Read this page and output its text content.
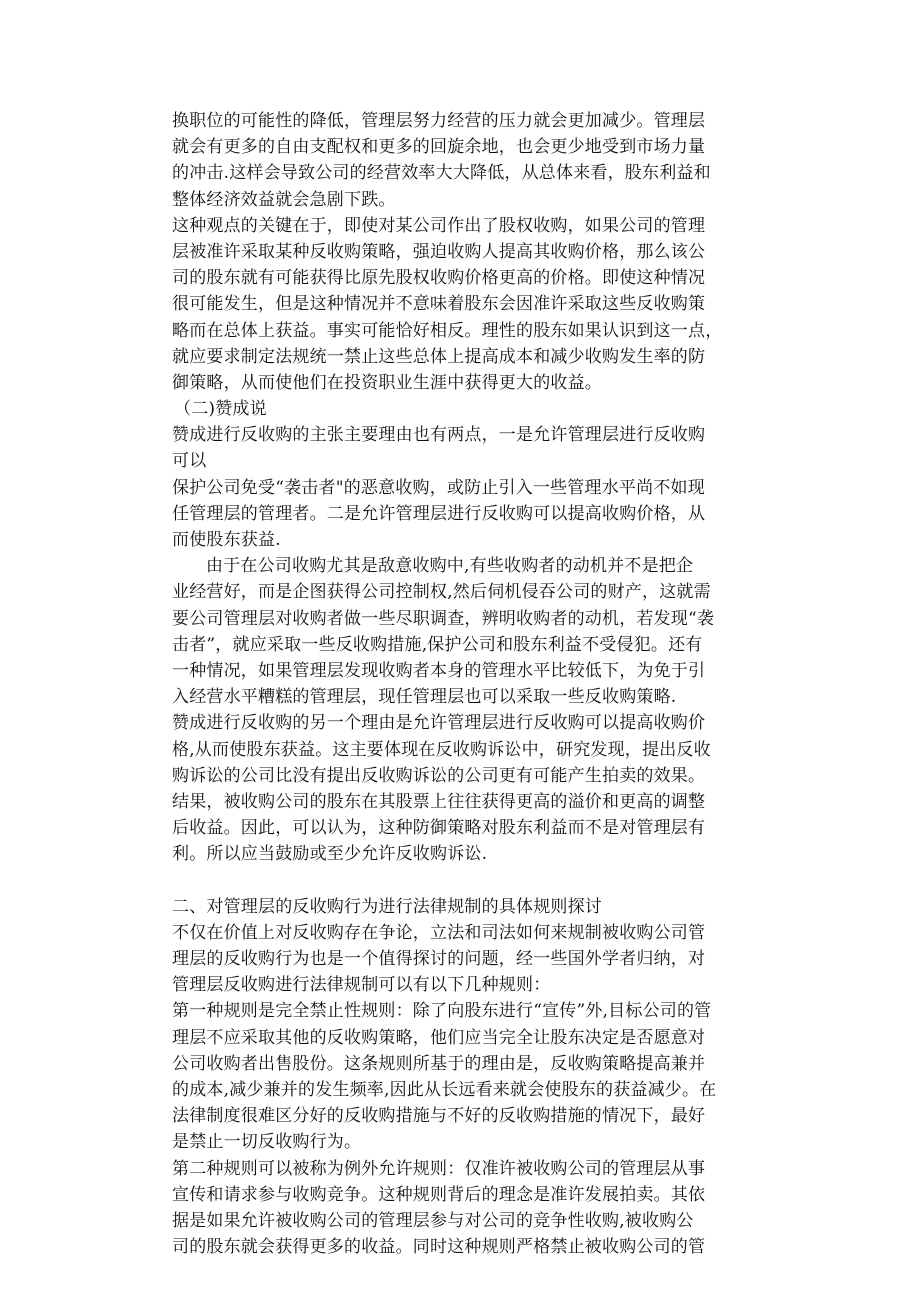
换职位的可能性的降低，管理层努力经营的压力就会更加减少。管理层
就会有更多的自由支配权和更多的回旋余地，也会更少地受到市场力量
的冲击.这样会导致公司的经营效率大大降低，从总体来看，股东利益和
整体经济效益就会急剧下跌。
这种观点的关键在于，即使对某公司作出了股权收购，如果公司的管理
层被准许采取某种反收购策略，强迫收购人提高其收购价格，那么该公
司的股东就有可能获得比原先股权收购价格更高的价格。即使这种情况
很可能发生，但是这种情况并不意味着股东会因准许采取这些反收购策
略而在总体上获益。事实可能恰好相反。理性的股东如果认识到这一点，
就应要求制定法规统一禁止这些总体上提高成本和减少收购发生率的防
御策略，从而使他们在投资职业生涯中获得更大的收益。
（二)赞成说
赞成进行反收购的主张主要理由也有两点，一是允许管理层进行反收购
可以
保护公司免受“袭击者"的恶意收购，或防止引入一些管理水平尚不如现
任管理层的管理者。二是允许管理层进行反收购可以提高收购价格，从
而使股东获益.
由于在公司收购尤其是敌意收购中,有些收购者的动机并不是把企
业经营好，而是企图获得公司控制权,然后伺机侵吞公司的财产，这就需
要公司管理层对收购者做一些尽职调查，辨明收购者的动机，若发现“袭
击者”，就应采取一些反收购措施,保护公司和股东利益不受侵犯。还有
一种情况，如果管理层发现收购者本身的管理水平比较低下，为免于引
入经营水平糟糕的管理层，现任管理层也可以采取一些反收购策略.
赞成进行反收购的另一个理由是允许管理层进行反收购可以提高收购价
格,从而使股东获益。这主要体现在反收购诉讼中，研究发现，提出反收
购诉讼的公司比没有提出反收购诉讼的公司更有可能产生拍卖的效果。
结果，被收购公司的股东在其股票上往往获得更高的溢价和更高的调整
后收益。因此，可以认为，这种防御策略对股东利益而不是对管理层有
利。所以应当鼓励或至少允许反收购诉讼.
二、对管理层的反收购行为进行法律规制的具体规则探讨
不仅在价值上对反收购存在争论，立法和司法如何来规制被收购公司管
理层的反收购行为也是一个值得探讨的问题，经一些国外学者归纳，对
管理层反收购进行法律规制可以有以下几种规则：
第一种规则是完全禁止性规则：除了向股东进行“宣传”外,目标公司的管
理层不应采取其他的反收购策略，他们应当完全让股东决定是否愿意对
公司收购者出售股份。这条规则所基于的理由是，反收购策略提高兼并
的成本,减少兼并的发生频率,因此从长远看来就会使股东的获益减少。在
法律制度很难区分好的反收购措施与不好的反收购措施的情况下，最好
是禁止一切反收购行为。
第二种规则可以被称为例外允许规则：仅准许被收购公司的管理层从事
宣传和请求参与收购竞争。这种规则背后的理念是准许发展拍卖。其依
据是如果允许被收购公司的管理层参与对公司的竞争性收购,被收购公
司的股东就会获得更多的收益。同时这种规则严格禁止被收购公司的管
